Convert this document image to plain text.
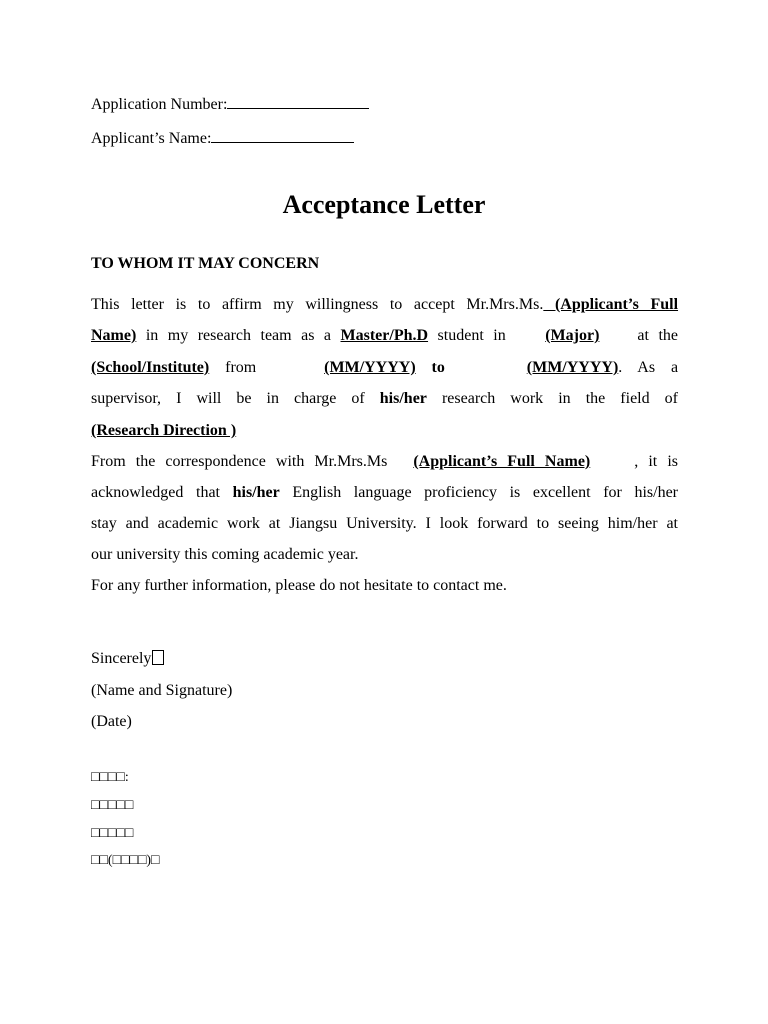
Application Number:
Applicant’s Name:
Acceptance Letter
TO WHOM IT MAY CONCERN
This letter is to affirm my willingness to accept Mr.Mrs.Ms. (Applicant’s Full
Name) in my research team as a Master/Ph.D student in (Major) at the
(School/Institute) from	(MM/YYYY) to	(MM/YYYY). As a
supervisor, I will be in charge of his/her research work in the field of
(Research Direction )
From the correspondence with Mr.Mrs.Ms (Applicant’s Full Name)	, it is
acknowledged that his/her English language proficiency is excellent for his/her
stay and academic work at Jiangsu University. I look forward to seeing him/her at
our university this coming academic year.
For any further information, please do not hesitate to contact me.
Sincerely
(Name and Signature)
(Date)
□□□□:
□□□□□
□□□□□
□□(□□□□)□
